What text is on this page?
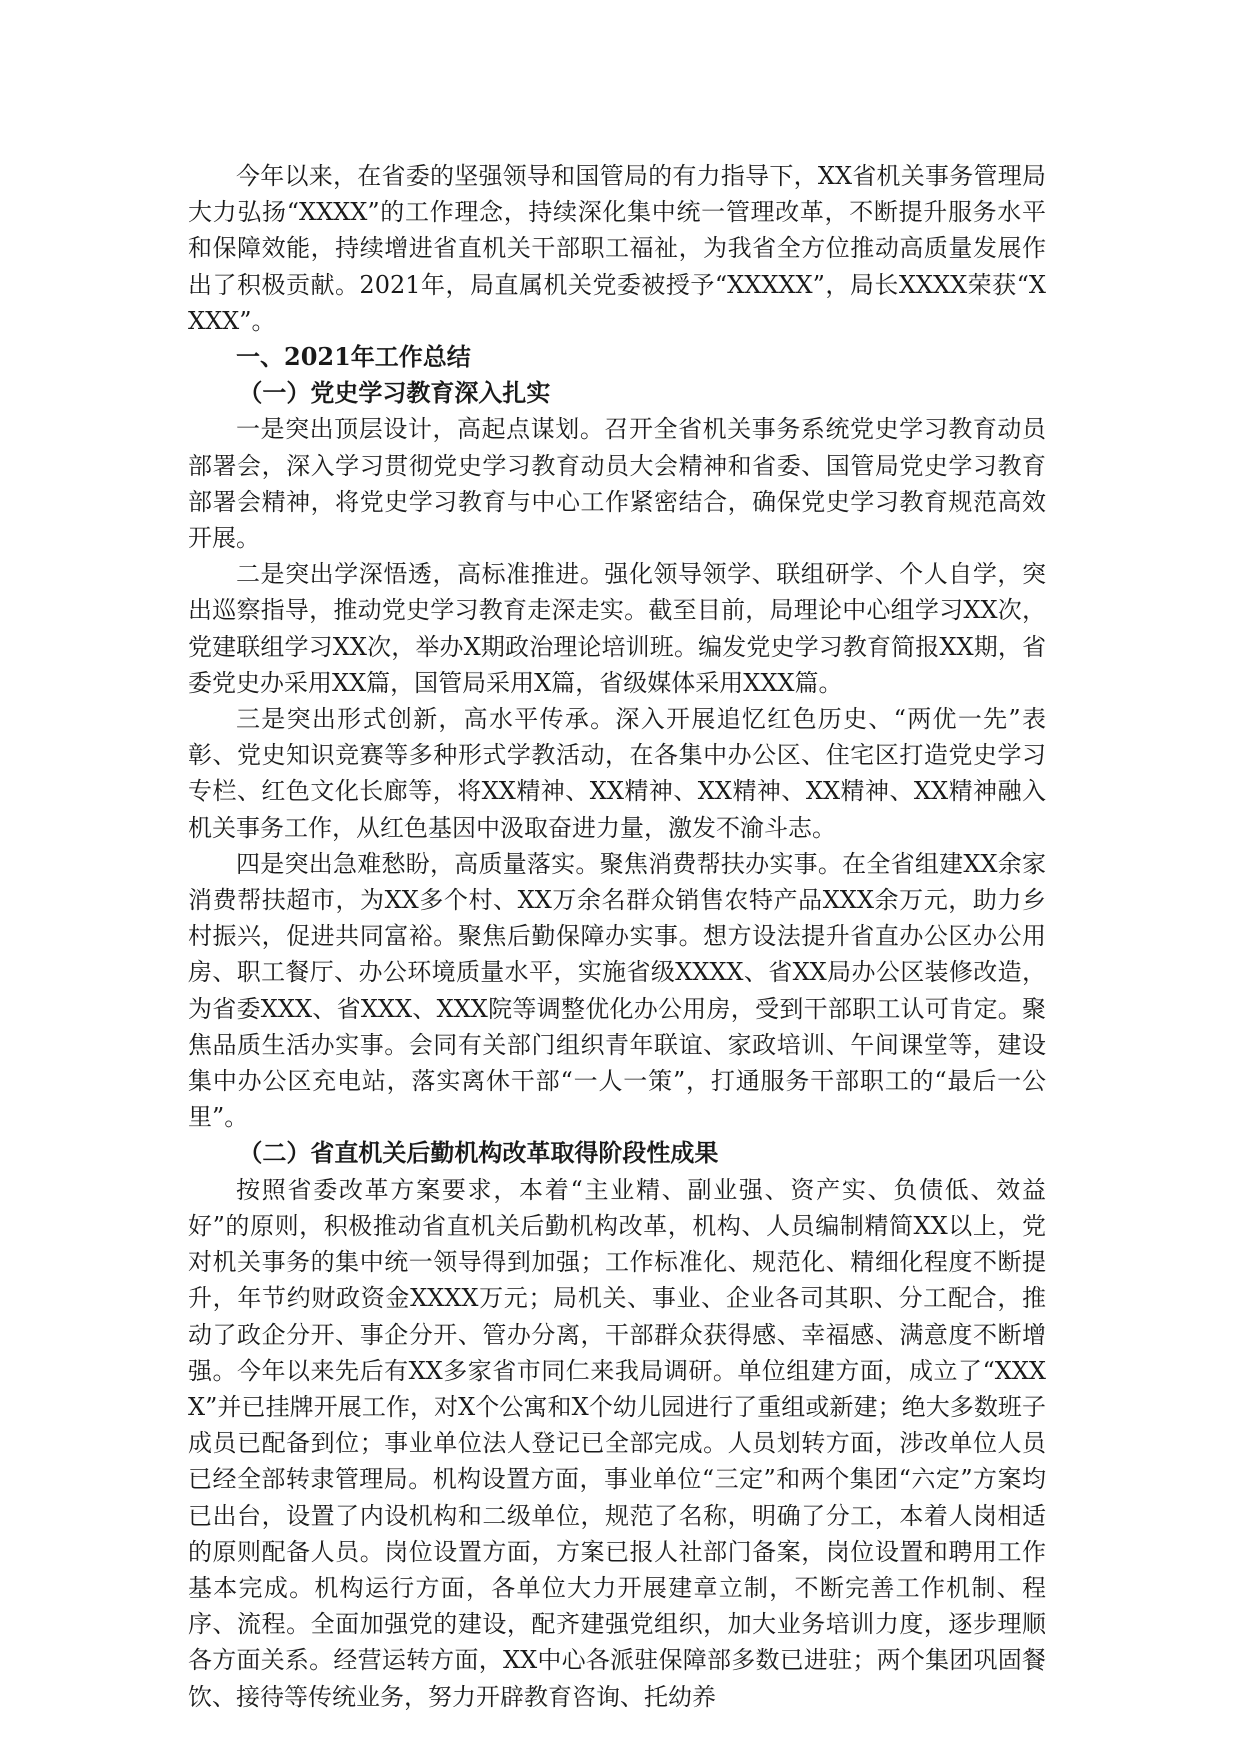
今年以来，在省委的坚强领导和国管局的有力指导下，XX省机关事务管理局大力弘扬“XXXX”的工作理念，持续深化集中统一管理改革，不断提升服务水平和保障效能，持续增进省直机关干部职工福祉，为我省全方位推动高质量发展作出了积极贡献。2021年，局直属机关党委被授予“XXXXX”，局长XXXX荣获“XXXX”。

一、2021年工作总结
（一）党史学习教育深入扎实

一是突出顶层设计，高起点谋划。召开全省机关事务系统党史学习教育动员部署会，深入学习贯彻党史学习教育动员大会精神和省委、国管局党史学习教育部署会精神，将党史学习教育与中心工作紧密结合，确保党史学习教育规范高效开展。

二是突出学深悟透，高标准推进。强化领导领学、联组研学、个人自学，突出巡察指导，推动党史学习教育走深走实。截至目前，局理论中心组学习XX次，党建联组学习XX次，举办X期政治理论培训班。编发党史学习教育简报XX期，省委党史办采用XX篇，国管局采用X篇，省级媒体采用XXX篇。

三是突出形式创新，高水平传承。深入开展追忆红色历史、“两优一先”表彰、党史知识竞赛等多种形式学教活动，在各集中办公区、住宅区打造党史学习专栏、红色文化长廊等，将XX精神、XX精神、XX精神、XX精神、XX精神融入机关事务工作，从红色基因中汲取奋进力量，激发不渝斗志。

四是突出急难愁盼，高质量落实。聚焦消费帮扶办实事。在全省组建XX余家消费帮扶超市，为XX多个村、XX万余名群众销售农特产品XXX余万元，助力乡村振兴，促进共同富裕。聚焦后勤保障办实事。想方设法提升省直办公区办公用房、职工餐厅、办公环境质量水平，实施省级XXXX、省XX局办公区装修改造，为省委XXX、省XXX、XXX院等调整优化办公用房，受到干部职工认可肯定。聚焦品质生活办实事。会同有关部门组织青年联谊、家政培训、午间课堂等，建设集中办公区充电站，落实离休干部“一人一策”，打通服务干部职工的“最后一公里”。

（二）省直机关后勤机构改革取得阶段性成果

按照省委改革方案要求，本着“主业精、副业强、资产实、负债低、效益好”的原则，积极推动省直机关后勤机构改革，机构、人员编制精简XX以上，党对机关事务的集中统一领导得到加强；工作标准化、规范化、精细化程度不断提升，年节约财政资金XXXX万元；局机关、事业、企业各司其职、分工配合，推动了政企分开、事企分开、管办分离，干部群众获得感、幸福感、满意度不断增强。今年以来先后有XX多家省市同仁来我局调研。单位组建方面，成立了“XXXX”并已挂牌开展工作，对X个公寓和X个幼儿园进行了重组或新建；绝大多数班子成员已配备到位；事业单位法人登记已全部完成。人员划转方面，涉改单位人员已经全部转隶管理局。机构设置方面，事业单位“三定”和两个集团“六定”方案均已出台，设置了内设机构和二级单位，规范了名称，明确了分工，本着人岗相适的原则配备人员。岗位设置方面，方案已报人社部门备案，岗位设置和聘用工作基本完成。机构运行方面，各单位大力开展建章立制，不断完善工作机制、程序、流程。全面加强党的建设，配齐建强党组织，加大业务培训力度，逐步理顺各方面关系。经营运转方面，XX中心各派驻保障部多数已进驻；两个集团巩固餐饮、接待等传统业务，努力开辟教育咨询、托幼养
